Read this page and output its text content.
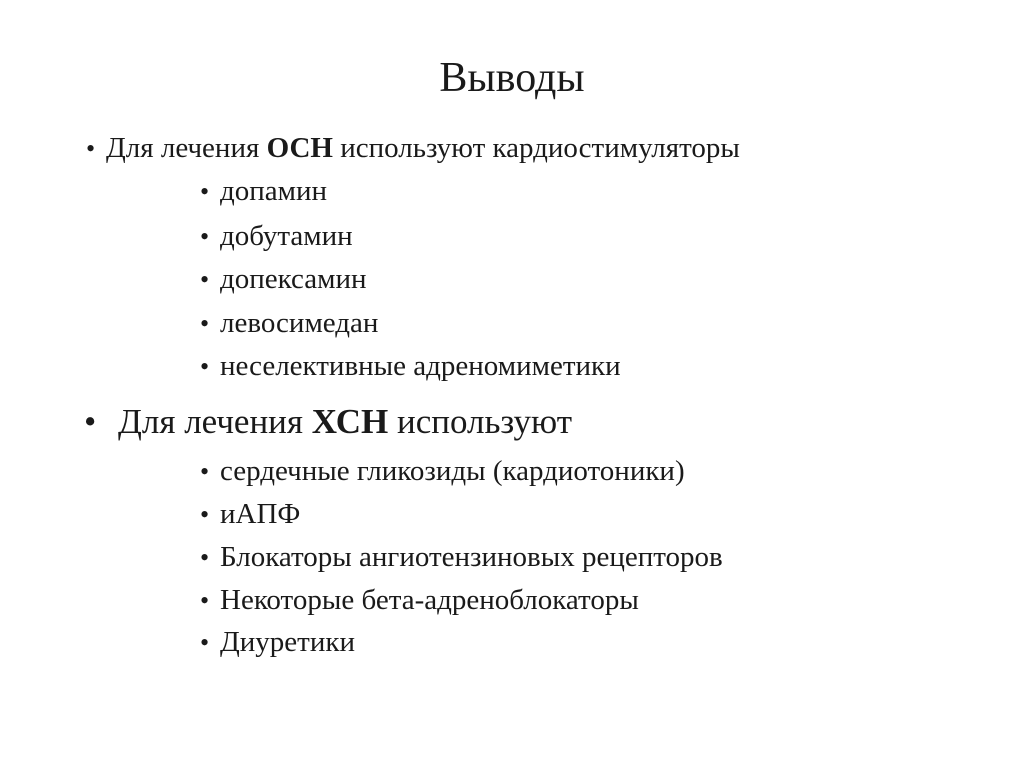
Выводы
• Для лечения ОСН используют кардиостимуляторы
• допамин
• добутамин
• допексамин
• левосимедан
• неселективные адреномиметики
• Для лечения ХСН используют
• сердечные гликозиды (кардиотоники)
• иАПФ
• Блокаторы ангиотензиновых рецепторов
• Некоторые бета-адреноблокаторы
• Диуретики
